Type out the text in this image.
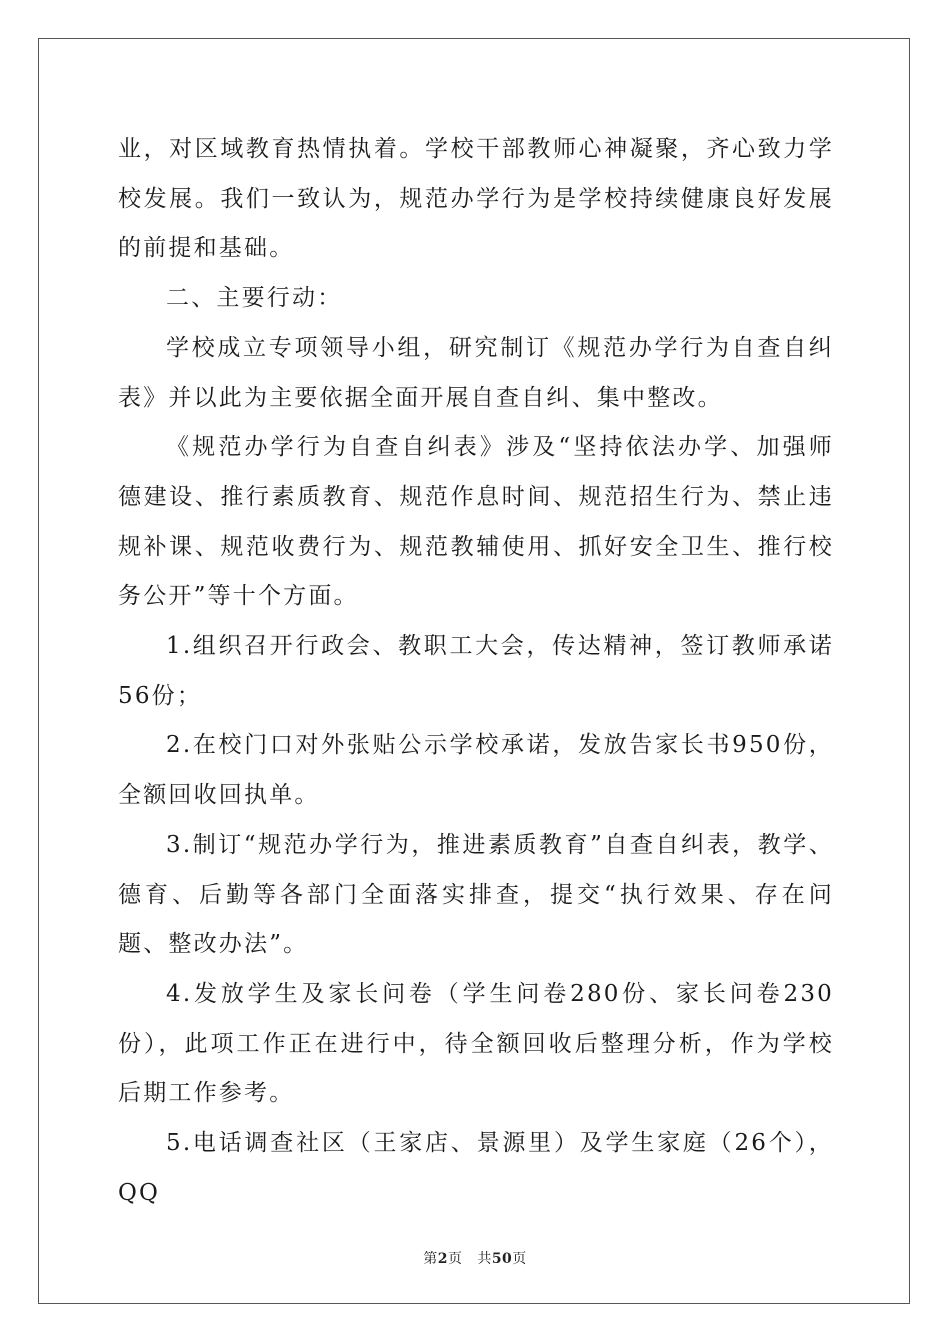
业，对区域教育热情执着。学校干部教师心神凝聚，齐心致力学校发展。我们一致认为，规范办学行为是学校持续健康良好发展的前提和基础。

二、主要行动：

学校成立专项领导小组，研究制订《规范办学行为自查自纠表》并以此为主要依据全面开展自查自纠、集中整改。

《规范办学行为自查自纠表》涉及“坚持依法办学、加强师德建设、推行素质教育、规范作息时间、规范招生行为、禁止违规补课、规范收费行为、规范教辅使用、抓好安全卫生、推行校务公开”等十个方面。

1.组织召开行政会、教职工大会，传达精神，签订教师承诺56份；

2.在校门口对外张贴公示学校承诺，发放告家长书950份，全额回收回执单。

3.制订“规范办学行为，推进素质教育”自查自纠表，教学、德育、后勤等各部门全面落实排查，提交“执行效果、存在问题、整改办法”。

4.发放学生及家长问卷（学生问卷280份、家长问卷230份），此项工作正在进行中，待全额回收后整理分析，作为学校后期工作参考。

5.电话调查社区（王家店、景源里）及学生家庭（26个），QQ

第2页 共50页
